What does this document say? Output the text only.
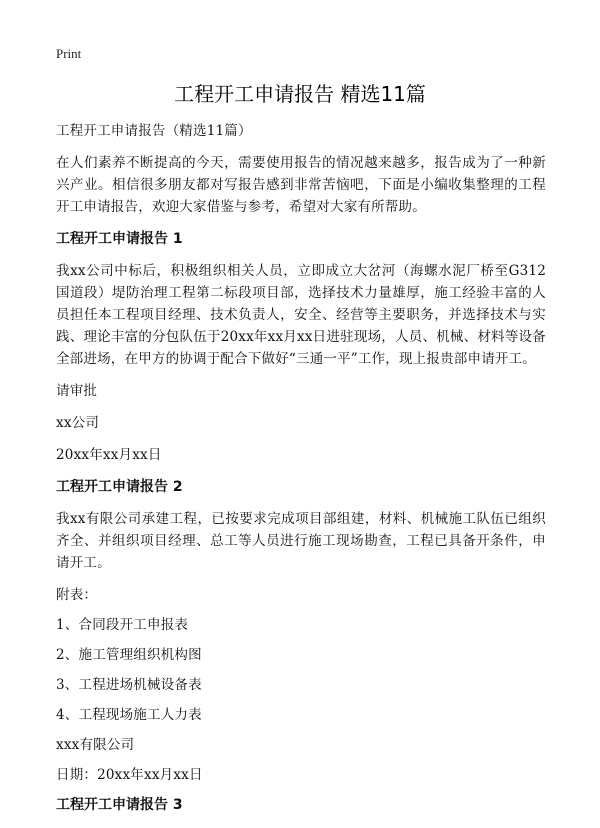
Print
工程开工申请报告 精选11篇

工程开工申请报告（精选11篇）

在人们素养不断提高的今天，需要使用报告的情况越来越多，报告成为了一种新兴产业。相信很多朋友都对写报告感到非常苦恼吧，下面是小编收集整理的工程开工申请报告，欢迎大家借鉴与参考，希望对大家有所帮助。

工程开工申请报告 1

我xx公司中标后，积极组织相关人员，立即成立大岔河（海螺水泥厂桥至G312国道段）堤防治理工程第二标段项目部，选择技术力量雄厚，施工经验丰富的人员担任本工程项目经理、技术负责人，安全、经营等主要职务，并选择技术与实践、理论丰富的分包队伍于20xx年xx月xx日进驻现场，人员、机械、材料等设备全部进场，在甲方的协调于配合下做好“三通一平”工作，现上报贵部申请开工。

请审批

xx公司

20xx年xx月xx日

工程开工申请报告 2

我xx有限公司承建工程，已按要求完成项目部组建，材料、机械施工队伍已组织齐全、并组织项目经理、总工等人员进行施工现场勘查，工程已具备开条件，申请开工。

附表：

1、合同段开工申报表

2、施工管理组织机构图

3、工程进场机械设备表

4、工程现场施工人力表

xxx有限公司

日期：20xx年xx月xx日

工程开工申请报告 3
